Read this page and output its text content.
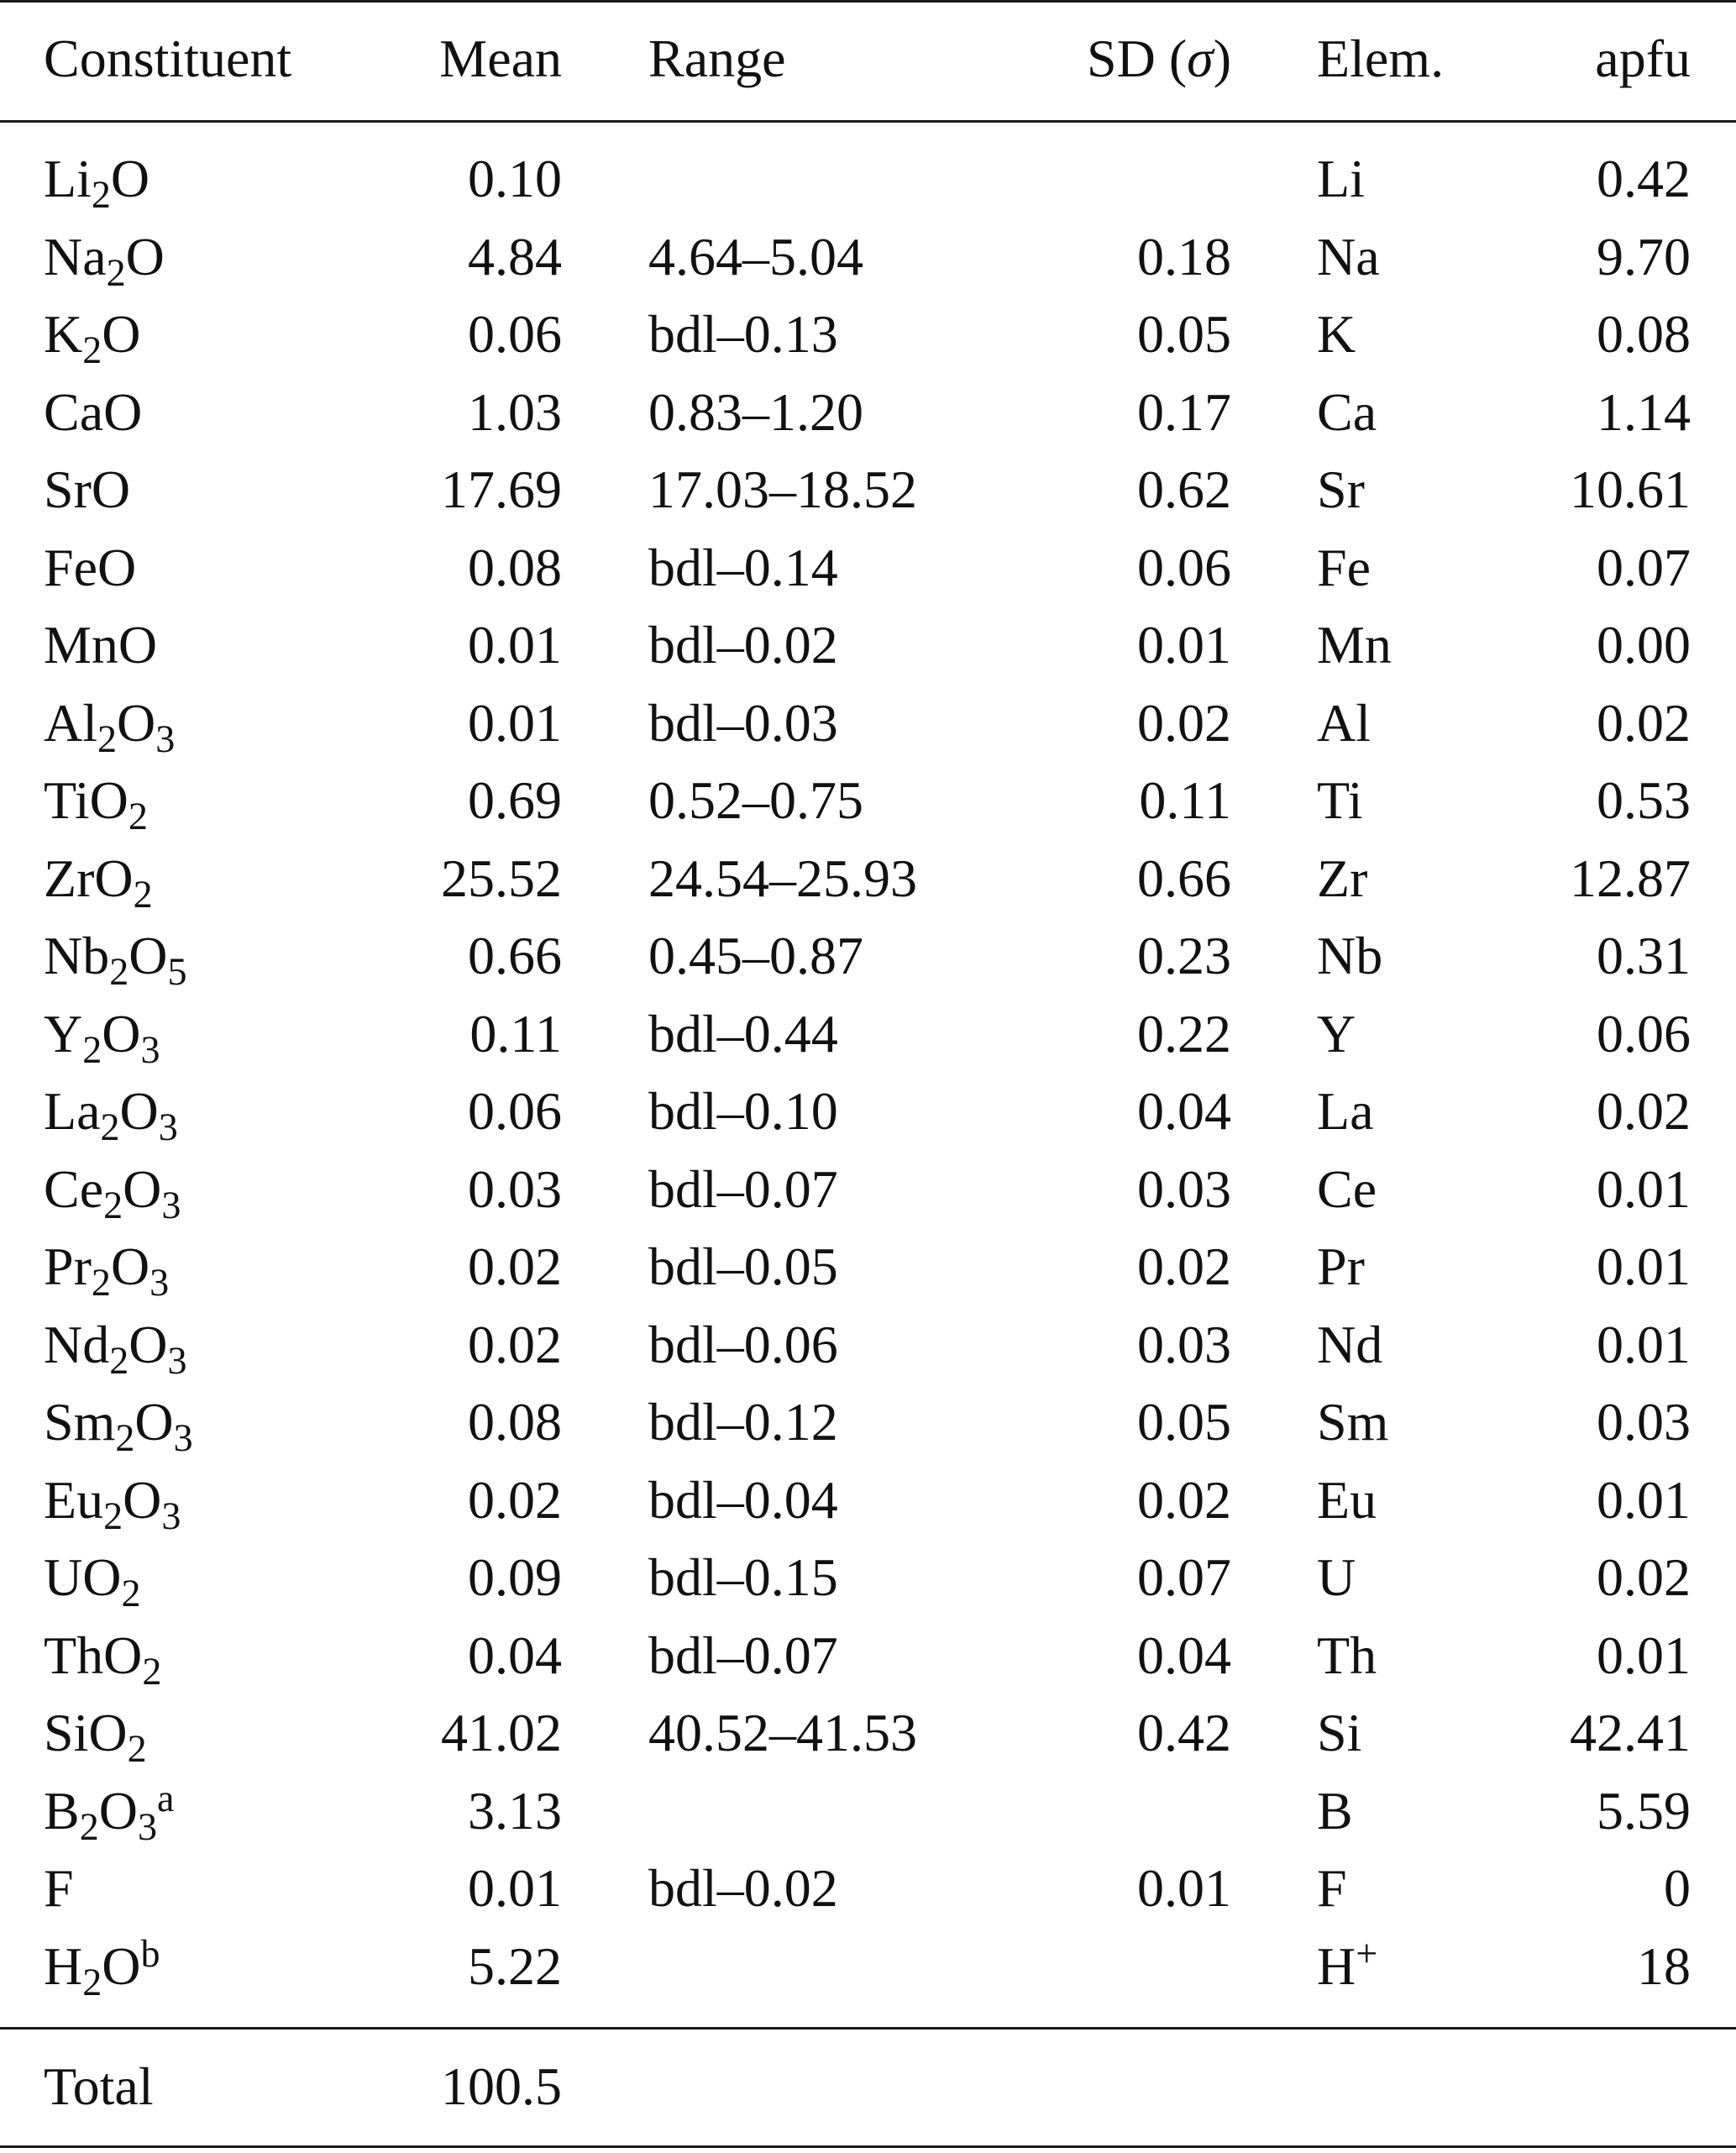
Constituent	Mean Range	SD (σ) Elem.	apfu
$Li_2O$	0.10	Li	0.42
$Na_2O$	4.84 4.64–5.04	0.18 Na	9.70
$K_2O$	0.06 bdl–0.13	0.05 K	0.08
CaO	1.03 0.83–1.20	0.17 Ca	1.14
SrO	17.69 17.03–18.52	0.62 Sr	10.61
FeO	0.08 bdl–0.14	0.06 Fe	0.07
MnO	0.01 bdl–0.02	0.01 Mn	0.00
$Al_2O_3$	0.01 bdl–0.03	0.02 Al	0.02
TiO$_2$	0.69 0.52–0.75	0.11 Ti	0.53
ZrO$_2$	25.52 24.54–25.93	0.66 Zr	12.87
$Nb_2O_5$	0.66 0.45–0.87	0.23 Nb	0.31
$Y_2O_3$	0.11 bdl–0.44	0.22 Y	0.06
$La_2O_3$	0.06 bdl–0.10	0.04 La	0.02
$Ce_2O_3$	0.03 bdl–0.07	0.03 Ce	0.01
$Pr_2O_3$	0.02 bdl–0.05	0.02 Pr	0.01
$Nd_2O_3$	0.02 bdl–0.06	0.03 Nd	0.01
$Sm_2O_3$	0.08 bdl–0.12	0.05 Sm	0.03
$Eu_2O_3$	0.02 bdl–0.04	0.02 Eu	0.01
$UO_2$	0.09 bdl–0.15	0.07 U	0.02
ThO$_2$	0.04 bdl–0.07	0.04 Th	0.01
SiO$_2$	41.02 40.52–41.53	0.42 Si	42.41
$B_2O_3^a$	3.13	B	5.59
F	0.01 bdl–0.02	0.01 F	0
$H_2O^b$	5.22	H+	18
Total	100.5
